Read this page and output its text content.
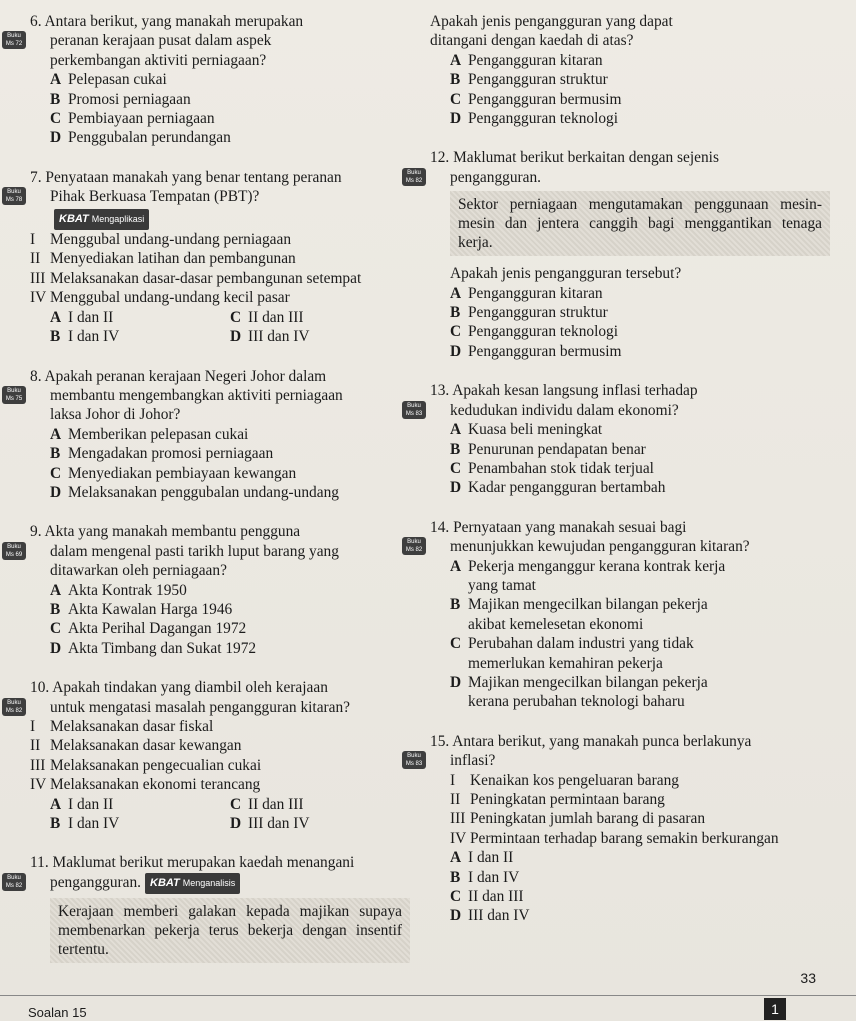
6. Antara berikut, yang manakah merupakan
Buku
Ms 72 peranan kerajaan pusat dalam aspek
perkembangan aktiviti perniagaan?
A Pelepasan cukai
B Promosi perniagaan
C Pembiayaan perniagaan
D Penggubalan perundangan
7. Penyataan manakah yang benar tentang peranan
Buku
Ms 78 Pihak Berkuasa Tempatan (PBT)?
KBAT Mengaplikasi
I Menggubal undang-undang perniagaan
II Menyediakan latihan dan pembangunan
III Melaksanakan dasar-dasar pembangunan setempat
IV Menggubal undang-undang kecil pasar
A I dan II	C II dan III
B I dan IV	D III dan IV
8. Apakah peranan kerajaan Negeri Johor dalam
Buku
Ms 75 membantu mengembangkan aktiviti perniagaan
laksa Johor di Johor?
A Memberikan pelepasan cukai
B Mengadakan promosi perniagaan
C Menyediakan pembiayaan kewangan
D Melaksanakan penggubalan undang-undang
9. Akta yang manakah membantu pengguna
Buku
Ms 69 dalam mengenal pasti tarikh luput barang yang
ditawarkan oleh perniagaan?
A Akta Kontrak 1950
B Akta Kawalan Harga 1946
C Akta Perihal Dagangan 1972
D Akta Timbang dan Sukat 1972
10. Apakah tindakan yang diambil oleh kerajaan
Buku
Ms 82 untuk mengatasi masalah pengangguran kitaran?
I Melaksanakan dasar fiskal
II Melaksanakan dasar kewangan
III Melaksanakan pengecualian cukai
IV Melaksanakan ekonomi terancang
A I dan II	C II dan III
B I dan IV	D III dan IV
11. Maklumat berikut merupakan kaedah menangani
Buku
Ms 82 pengangguran. KBAT Menganalisis
Kerajaan memberi galakan kepada majikan supaya membenarkan pekerja terus bekerja dengan insentif tertentu.
Apakah jenis pengangguran yang dapat
ditangani dengan kaedah di atas?
A Pengangguran kitaran
B Pengangguran struktur
C Pengangguran bermusim
D Pengangguran teknologi
12. Maklumat berikut berkaitan dengan sejenis
Buku
Ms 82 pengangguran.
Sektor perniagaan mengutamakan penggunaan mesin-mesin dan jentera canggih bagi menggantikan tenaga kerja.
Apakah jenis pengangguran tersebut?
A Pengangguran kitaran
B Pengangguran struktur
C Pengangguran teknologi
D Pengangguran bermusim
13. Apakah kesan langsung inflasi terhadap
Buku
Ms 83 kedudukan individu dalam ekonomi?
A Kuasa beli meningkat
B Penurunan pendapatan benar
C Penambahan stok tidak terjual
D Kadar pengangguran bertambah
14. Pernyataan yang manakah sesuai bagi
Buku
Ms 82 menunjukkan kewujudan pengangguran kitaran?
A Pekerja menganggur kerana kontrak kerja
yang tamat
B Majikan mengecilkan bilangan pekerja
akibat kemelesetan ekonomi
C Perubahan dalam industri yang tidak
memerlukan kemahiran pekerja
D Majikan mengecilkan bilangan pekerja
kerana perubahan teknologi baharu
15. Antara berikut, yang manakah punca berlakunya
Buku
Ms 83 inflasi?
I Kenaikan kos pengeluaran barang
II Peningkatan permintaan barang
III Peningkatan jumlah barang di pasaran
IV Permintaan terhadap barang semakin berkurangan
A I dan II
B I dan IV
C II dan III
D III dan IV
33
Soalan 15	1
